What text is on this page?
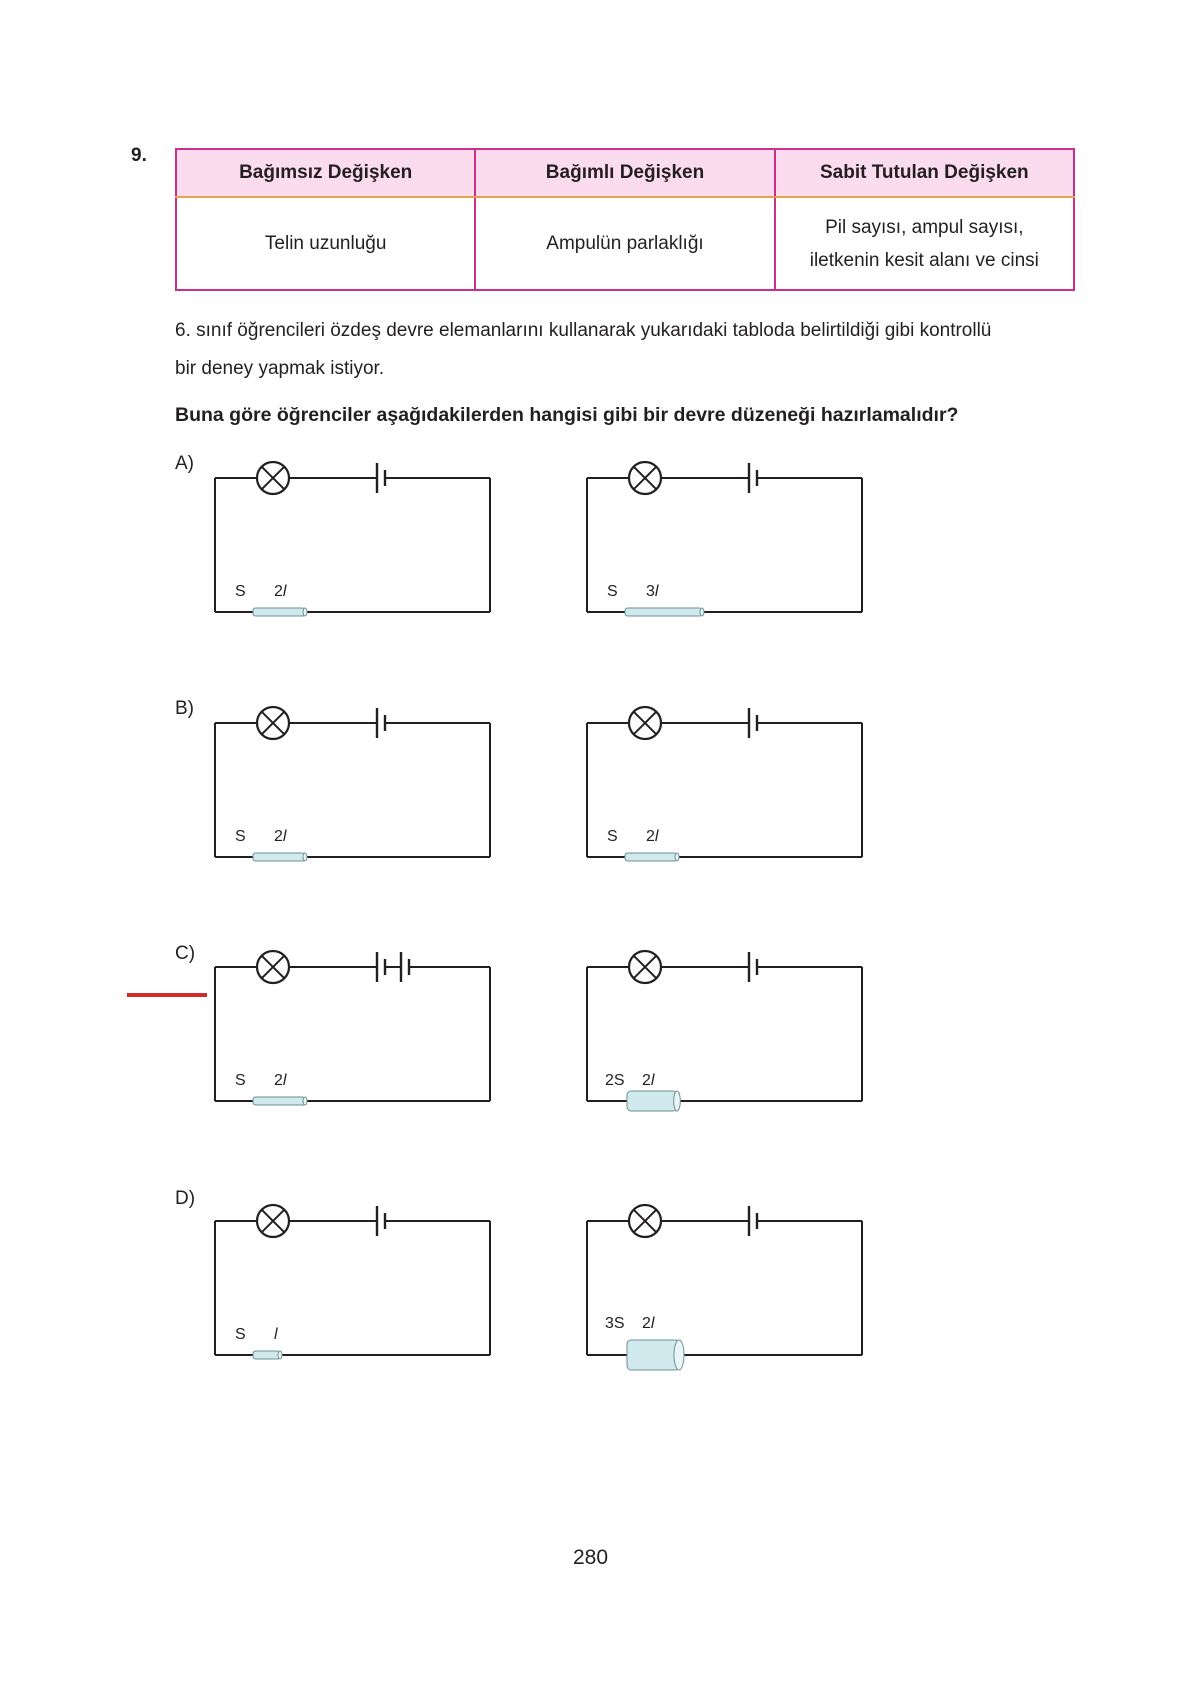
9.
Bağımsız Değişken	Bağımlı Değişken	Sabit Tutulan Değişken
Telin uzunluğu	Ampulün parlaklığı	Pil sayısı, ampul sayısı,
iletkenin kesit alanı ve cinsi
6. sınıf öğrencileri özdeş devre elemanlarını kullanarak yukarıdaki tabloda belirtildiği gibi kontrollü
bir deney yapmak istiyor.
Buna göre öğrenciler aşağıdakilerden hangisi gibi bir devre düzeneği hazırlamalıdır?
A)
B)
C)
D)
S 2l	S 3l
S 2l	S 2l
S 2l	2S 2l
S l
3S 2l
280
